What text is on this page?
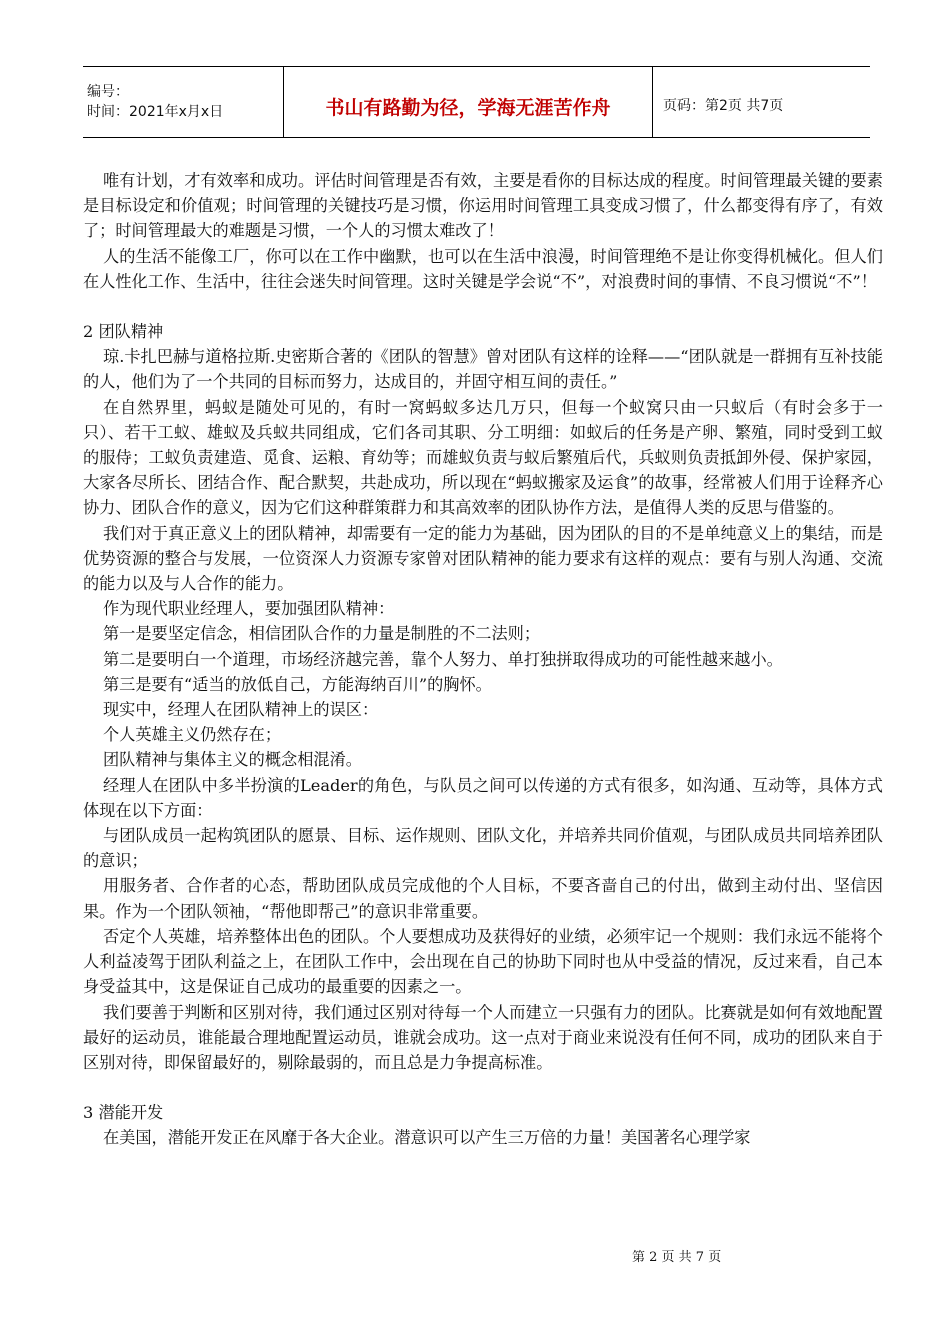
编号：
时间：2021年x月x日	书山有路勤为径，学海无涯苦作舟	页码：第2页 共7页

唯有计划，才有效率和成功。评估时间管理是否有效，主要是看你的目标达成的程度。时间管理最关键的要素是目标设定和价值观；时间管理的关键技巧是习惯，你运用时间管理工具变成习惯了，什么都变得有序了，有效了；时间管理最大的难题是习惯，一个人的习惯太难改了！

人的生活不能像工厂，你可以在工作中幽默，也可以在生活中浪漫，时间管理绝不是让你变得机械化。但人们在人性化工作、生活中，往往会迷失时间管理。这时关键是学会说“不”，对浪费时间的事情、不良习惯说“不”！

2 团队精神

琼.卡扎巴赫与道格拉斯.史密斯合著的《团队的智慧》曾对团队有这样的诠释——“团队就是一群拥有互补技能的人，他们为了一个共同的目标而努力，达成目的，并固守相互间的责任。”

在自然界里，蚂蚁是随处可见的，有时一窝蚂蚁多达几万只，但每一个蚁窝只由一只蚁后（有时会多于一只）、若干工蚁、雄蚁及兵蚁共同组成，它们各司其职、分工明细：如蚁后的任务是产卵、繁殖，同时受到工蚁的服侍；工蚁负责建造、觅食、运粮、育幼等；而雄蚁负责与蚁后繁殖后代，兵蚁则负责抵卸外侵、保护家园，大家各尽所长、团结合作、配合默契，共赴成功，所以现在“蚂蚁搬家及运食”的故事，经常被人们用于诠释齐心协力、团队合作的意义，因为它们这种群策群力和其高效率的团队协作方法，是值得人类的反思与借鉴的。

我们对于真正意义上的团队精神，却需要有一定的能力为基础，因为团队的目的不是单纯意义上的集结，而是优势资源的整合与发展，一位资深人力资源专家曾对团队精神的能力要求有这样的观点：要有与别人沟通、交流的能力以及与人合作的能力。

作为现代职业经理人，要加强团队精神：

第一是要坚定信念，相信团队合作的力量是制胜的不二法则；

第二是要明白一个道理，市场经济越完善，靠个人努力、单打独拼取得成功的可能性越来越小。

第三是要有“适当的放低自己，方能海纳百川”的胸怀。

现实中，经理人在团队精神上的误区：

个人英雄主义仍然存在；

团队精神与集体主义的概念相混淆。

经理人在团队中多半扮演的Leader的角色，与队员之间可以传递的方式有很多，如沟通、互动等，具体方式体现在以下方面：

与团队成员一起构筑团队的愿景、目标、运作规则、团队文化，并培养共同价值观，与团队成员共同培养团队的意识；

用服务者、合作者的心态，帮助团队成员完成他的个人目标，不要吝啬自己的付出，做到主动付出、坚信因果。作为一个团队领袖，“帮他即帮己”的意识非常重要。

否定个人英雄，培养整体出色的团队。个人要想成功及获得好的业绩，必须牢记一个规则：我们永远不能将个人利益凌驾于团队利益之上，在团队工作中，会出现在自己的协助下同时也从中受益的情况，反过来看，自己本身受益其中，这是保证自己成功的最重要的因素之一。

我们要善于判断和区别对待，我们通过区别对待每一个人而建立一只强有力的团队。比赛就是如何有效地配置最好的运动员，谁能最合理地配置运动员，谁就会成功。这一点对于商业来说没有任何不同，成功的团队来自于区别对待，即保留最好的，剔除最弱的，而且总是力争提高标准。

3 潜能开发

在美国，潜能开发正在风靡于各大企业。潜意识可以产生三万倍的力量！美国著名心理学家

第 2 页 共 7 页
